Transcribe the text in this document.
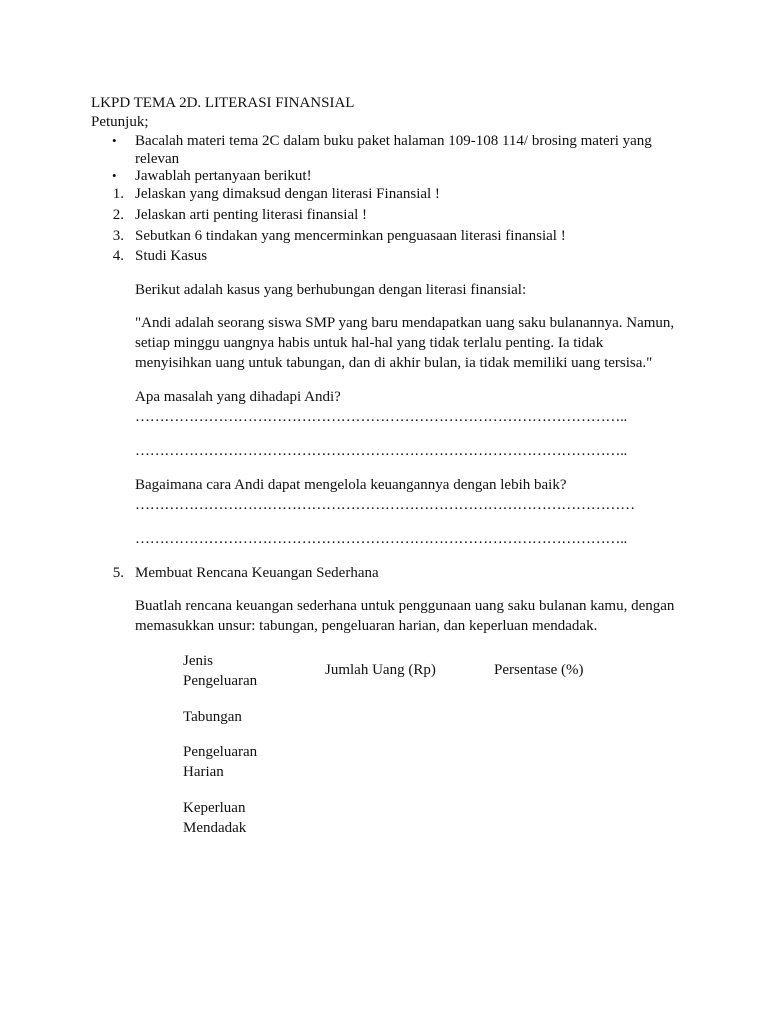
LKPD TEMA 2D. LITERASI FINANSIAL
Petunjuk;
• Bacalah materi tema 2C dalam buku paket halaman 109-108 114/ brosing materi yang
relevan
• Jawablah pertanyaan berikut!
1. Jelaskan yang dimaksud dengan literasi Finansial !
2. Jelaskan arti penting literasi finansial !
3. Sebutkan 6 tindakan yang mencerminkan penguasaan literasi finansial !
4. Studi Kasus
Berikut adalah kasus yang berhubungan dengan literasi finansial:
"Andi adalah seorang siswa SMP yang baru mendapatkan uang saku bulanannya. Namun,
setiap minggu uangnya habis untuk hal-hal yang tidak terlalu penting. Ia tidak
menyisihkan uang untuk tabungan, dan di akhir bulan, ia tidak memiliki uang tersisa."
Apa masalah yang dihadapi Andi?
………………………………………………………………………………………..
………………………………………………………………………………………..
Bagaimana cara Andi dapat mengelola keuangannya dengan lebih baik?
…………………………………………………………………………………………
………………………………………………………………………………………..
5. Membuat Rencana Keuangan Sederhana
Buatlah rencana keuangan sederhana untuk penggunaan uang saku bulanan kamu, dengan
memasukkan unsur: tabungan, pengeluaran harian, dan keperluan mendadak.
Jenis
Pengeluaran
Jumlah Uang (Rp)	Persentase (%)
Tabungan
Pengeluaran
Harian
Keperluan
Mendadak
